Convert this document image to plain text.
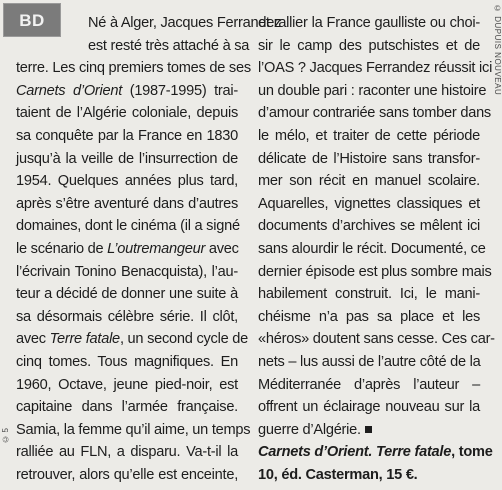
BD	Né à Alger, Jacques Ferrandez
est resté très attaché à sa
terre. Les cinq premiers tomes de ses
Carnets d’Orient (1987-1995) trai-
taient de l’Algérie coloniale, depuis
sa conquête par la France en 1830
jusqu’à la veille de l’insurrection de
1954. Quelques années plus tard,
après s’être aventuré dans d’autres
domaines, dont le cinéma (il a signé
le scénario de L’outremangeur avec
l’écrivain Tonino Benacquista), l’au-
teur a décidé de donner une suite à
sa désormais célèbre série. Il clôt,
avec Terre fatale, un second cycle de
cinq tomes. Tous magnifiques. En
1960, Octave, jeune pied-noir, est
capitaine dans l’armée française.
Samia, la femme qu’il aime, un temps
ralliée au FLN, a disparu. Va-t-il la
retrouver, alors qu’elle est enceinte,
et rallier la France gaulliste ou choi-
sir le camp des putschistes et de
l’OAS ? Jacques Ferrandez réussit ici
un double pari : raconter une histoire
d’amour contrariée sans tomber dans
le mélo, et traiter de cette période
délicate de l’Histoire sans transfor-
mer son récit en manuel scolaire.
Aquarelles, vignettes classiques et
documents d’archives se mêlent ici
sans alourdir le récit. Documenté, ce
dernier épisode est plus sombre mais
habilement construit. Ici, le mani-
chéisme n’a pas sa place et les
«héros» doutent sans cesse. Ces car-
nets – lus aussi de l’autre côté de la
Méditerranée d’après l’auteur –
offrent un éclairage nouveau sur la
guerre d’Algérie.
Carnets d’Orient. Terre fatale, tome
10, éd. Casterman, 15 €.
© DUPUIS NOUVEAU
© 5
